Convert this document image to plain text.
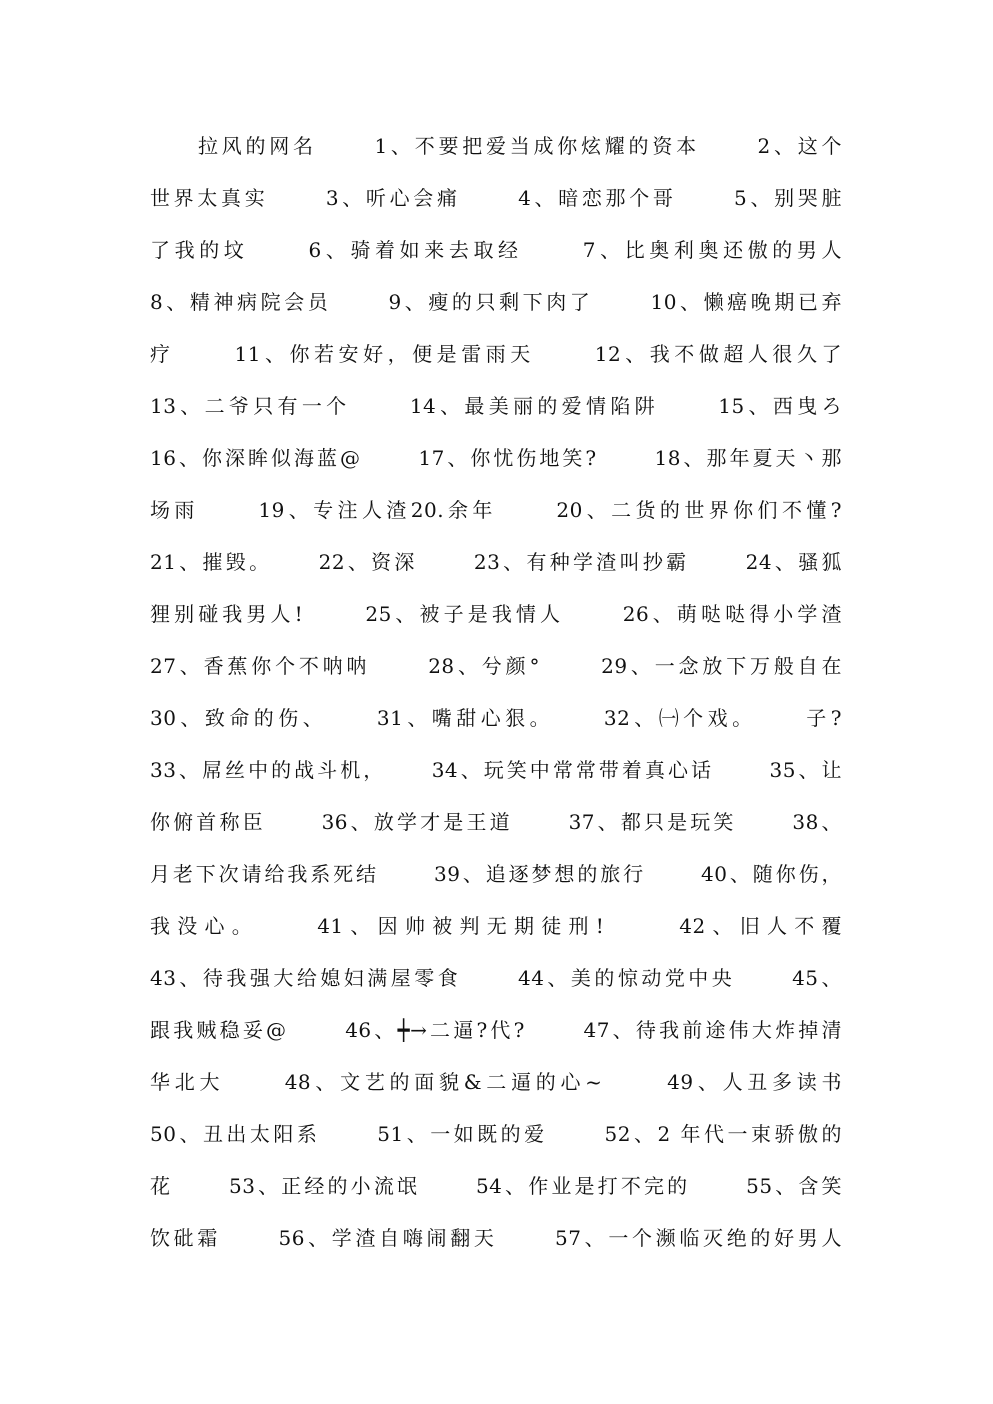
拉风的网名　　 1、不要把爱当成你炫耀的资本　　 2、这个
世界太真实　　 3、听心会痛　　 4、暗恋那个哥　　 5、别哭脏
了我的坟　　 6、骑着如来去取经　　 7、比奥利奥还傲的男人
8、精神病院会员　　 9、瘦的只剩下肉了　　 10、懒癌晚期已弃
疗　　 11、你若安好，便是雷雨天　　 12、我不做超人很久了
13、二爷只有一个　　 14、最美丽的爱情陷阱　　 15、西曳ろ
16、你深眸似海蓝@　　 17、你忧伤地笑?　　 18、那年夏天丶那
场雨　　 19、专注人渣20.余年　　 20、二货的世界你们不懂?
21、摧毁。　　 22、资深　　 23、有种学渣叫抄霸　　 24、骚狐
狸别碰我男人!　　 25、被子是我情人　　 26、萌哒哒得小学渣
27、香蕉你个不呐呐　　 28、兮颜°　　 29、一念放下万般自在
30、致命的伤、　　 31、嘴甜心狠。　　 32、㈠个戏。　　 子?
33、屌丝中的战斗机，　　 34、玩笑中常常带着真心话　　 35、让
你俯首称臣　　 36、放学才是王道　　 37、都只是玩笑　　 38、
月老下次请给我系死结　　 39、追逐梦想的旅行　　 40、随你伤，
我没心。　　 41、因帅被判无期徒刑!　　 42、旧人不覆
43、待我强大给媳妇满屋零食　　 44、美的惊动党中央　　 45、
跟我贼稳妥@　　 46、┿→二逼?代?　　 47、待我前途伟大炸掉清
华北大　　 48、文艺的面貌&二逼的心~　　 49、人丑多读书
50、丑出太阳系　　 51、一如既的爱　　 52、2 年代一束骄傲的
花　　 53、正经的小流氓　　 54、作业是打不完的　　 55、含笑
饮砒霜　　 56、学渣自嗨闹翻天　　 57、一个濒临灭绝的好男人
